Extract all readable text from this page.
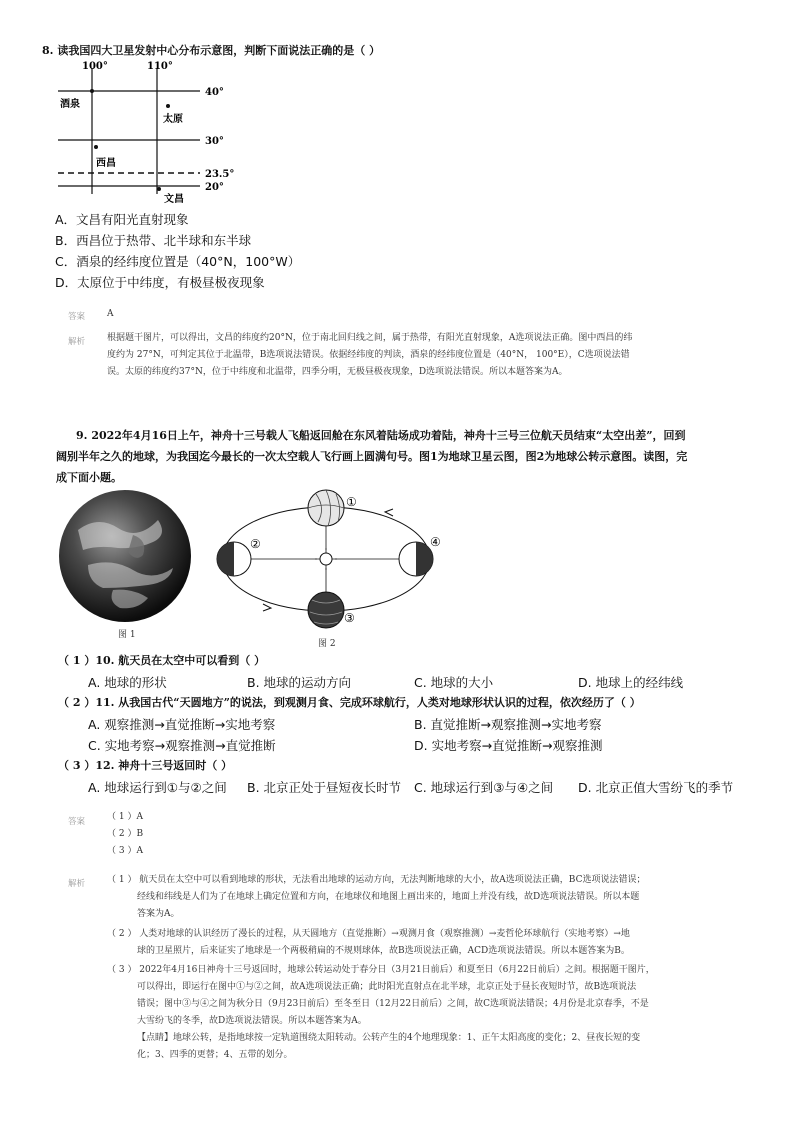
8. 读我国四大卫星发射中心分布示意图，判断下面说法正确的是（ ）
100°	110°
40°
30°
23.5°
20°
酒泉
太原
西昌
文昌
A．文昌有阳光直射现象
B．西昌位于热带、北半球和东半球
C．酒泉的经纬度位置是（40°N，100°W）
D．太原位于中纬度，有极昼极夜现象
答案 A
解析 根据题干图片，可以得出，文昌的纬度约20°N，位于南北回归线之间，属于热带，有阳光直射现象，A选项说法正确。图中西昌的纬
度约为 27°N，可判定其位于北温带，B选项说法错误。依据经纬度的判读，酒泉的经纬度位置是（40°N， 100°E），C选项说法错
误。太原的纬度约37°N，位于中纬度和北温带，四季分明，无极昼极夜现象，D选项说法错误。所以本题答案为A。
9. 2022年4月16日上午，神舟十三号载人飞船返回舱在东风着陆场成功着陆，神舟十三号三位航天员结束“太空出差”，回到
阔别半年之久的地球，为我国迄今最长的一次太空载人飞行画上圆满句号。图1为地球卫星云图，图2为地球公转示意图。读图，完
成下面小题。
图 1
①
②	④
③
图 2
（ 1 ）10. 航天员在太空中可以看到（ ）
A. 地球的形状	B. 地球的运动方向	C. 地球的大小	D. 地球上的经纬线
（ 2 ）11. 从我国古代“天圆地方”的说法，到观测月食、完成环球航行，人类对地球形状认识的过程，依次经历了（ ）
A. 观察推测→直觉推断→实地考察	B. 直觉推断→观察推测→实地考察
C. 实地考察→观察推测→直觉推断	D. 实地考察→直觉推断→观察推测
（ 3 ）12. 神舟十三号返回时（ ）
A. 地球运行到①与②之间 B. 北京正处于昼短夜长时节 C. 地球运行到③与④之间 D. 北京正值大雪纷飞的季节
答案 （ 1 ）A
（ 2 ）B
（ 3 ）A
解析 （ 1 ） 航天员在太空中可以看到地球的形状，无法看出地球的运动方向，无法判断地球的大小，故A选项说法正确，BC选项说法错误；
经线和纬线是人们为了在地球上确定位置和方向，在地球仪和地图上画出来的，地面上并没有线，故D选项说法错误。所以本题
答案为A。
（ 2 ） 人类对地球的认识经历了漫长的过程，从天圆地方（直觉推断）→观测月食（观察推测）→麦哲伦环球航行（实地考察）→地
球的卫星照片，后来证实了地球是一个两极稍扁的不规则球体，故B选项说法正确，ACD选项说法错误。所以本题答案为B。
（ 3 ） 2022年4月16日神舟十三号返回时，地球公转运动处于春分日（3月21日前后）和夏至日（6月22日前后）之间。根据题干图片，
可以得出，即运行在图中①与②之间，故A选项说法正确；此时阳光直射点在北半球，北京正处于昼长夜短时节，故B选项说法
错误；图中③与④之间为秋分日（9月23日前后）至冬至日（12月22日前后）之间，故C选项说法错误；4月份是北京春季，不是
大雪纷飞的冬季，故D选项说法错误。所以本题答案为A。
【点睛】地球公转，是指地球按一定轨道围绕太阳转动。公转产生的4个地理现象：1、正午太阳高度的变化；2、昼夜长短的变
化；3、四季的更替；4、五带的划分。
